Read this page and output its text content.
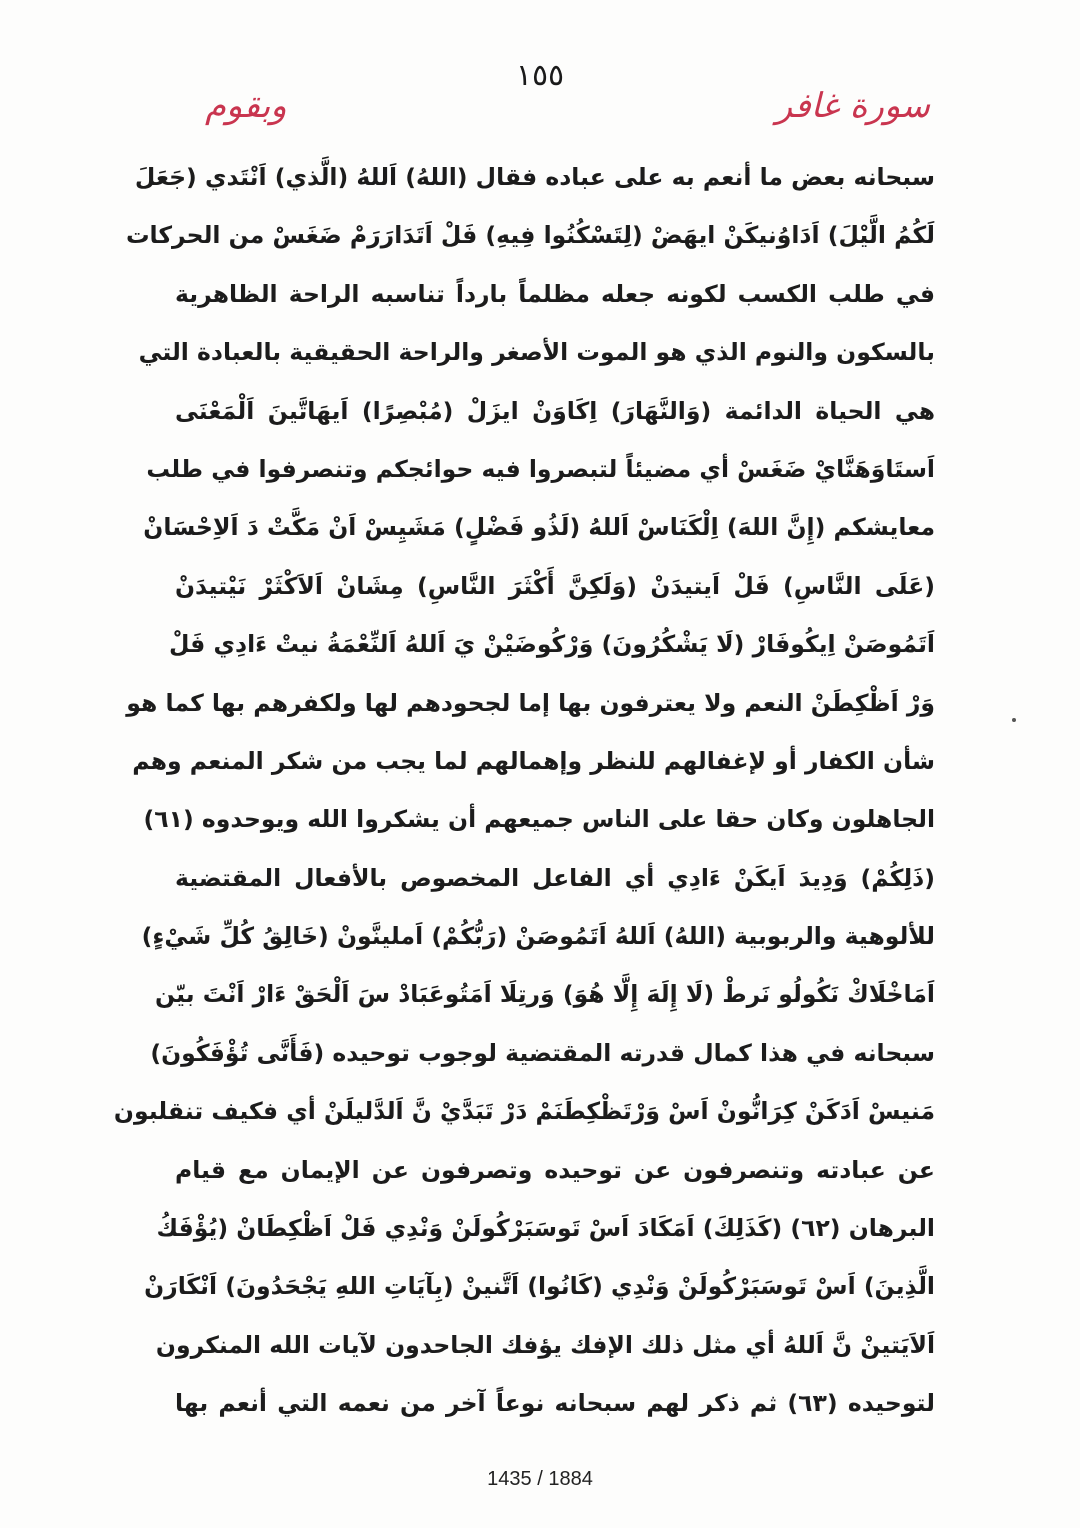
١٥٥
سورة غافر
وبقوم
سبحانه بعض ما أنعم به على عباده فقال (اللهُ) اَللهُ (الَّذي) اَنْتَدي (جَعَلَ
لَكُمُ الَّيْلَ) اَدَاوُنيكَنْ ايهَضْ (لِتَسْكُنُوا فِيهِ) فَلْ اَتَدَارَرَمْ ضَغَسْ من الحركات
في طلب الكسب لكونه جعله مظلماً بارداً تناسبه الراحة الظاهرية
بالسكون والنوم الذي هو الموت الأصغر والراحة الحقيقية بالعبادة التي
هي الحياة الدائمة (وَالنَّهَارَ) اِكَاوَنْ ايزَلْ (مُبْصِرًا) اَيهَاتَّينَ اَلْمَعْنَى
اَستَاوَهَنَّايْ ضَغَسْ أي مضيئاً لتبصروا فيه حوائجكم وتنصرفوا في طلب
معايشكم (إِنَّ اللهَ) اِلْكَنَاسْ اَللهُ (لَذُو فَضْلٍ) مَشَيِسْ اَنْ مَكَّتْ دَ اَلاِحْسَانْ
(عَلَى النَّاسِ) فَلْ اَيتيدَنْ (وَلَكِنَّ أَكْثَرَ النَّاسِ) مِشَانْ اَلاَكْثَرْ نَيْتيدَنْ
اَتَمُوصَنْ اِيكُوفَارْ (لَا يَشْكُرُونَ) وَرْكُوضَيْنْ يَ اَللهُ اَلنِّعْمَةُ نيتْ ءَادِي فَلْ
وَرْ اَظْكِطَنْ النعم ولا يعترفون بها إما لجحودهم لها ولكفرهم بها كما هو
شأن الكفار أو لإغفالهم للنظر وإهمالهم لما يجب من شكر المنعم وهم
الجاهلون وكان حقا على الناس جميعهم أن يشكروا الله ويوحدوه (٦١)
(ذَلِكُمْ) وَدِيدَ اَيكَنْ ءَادِي أي الفاعل المخصوص بالأفعال المقتضية
للألوهية والربوبية (اللهُ) اَللهُ اَتَمُوصَنْ (رَبُّكُمْ) اَملينَّونْ (خَالِقُ كُلِّ شَيْءٍ)
اَمَاخْلَاكْ نَكُولُو نَرطْ (لَا إِلَهَ إِلَّا هُوَ) وَرتِلَا اَمَتُوعَبَادْ سَ اَلْحَقْ ءَارْ اَنْتَ بيّن
سبحانه في هذا كمال قدرته المقتضية لوجوب توحيده (فَأَنَّى تُؤْفَكُونَ)
مَنيسْ اَدَكَنْ كِرَانُّونْ اَسْ وَرْتَظْكِطَنَمْ دَرْ تَبَدَّيْ نَّ اَلدَّليلَنْ أي فكيف تنقلبون
عن عبادته وتنصرفون عن توحيده وتصرفون عن الإيمان مع قيام
البرهان (٦٢) (كَذَلِكَ) اَمَكَادَ اَسْ تَوسَبَرْكُولَنْ وَنْدِي فَلْ اَظْكِطَانْ (يُؤْفَكُ
الَّذِينَ) اَسْ تَوسَبَرْكُولَنْ وَنْدِي (كَانُوا) اَتَّنينْ (بِآيَاتِ اللهِ يَجْحَدُونَ) اَنْكَارَنْ
اَلاَيَتينْ نَّ اَللهُ أي مثل ذلك الإفك يؤفك الجاحدون لآيات الله المنكرون
لتوحيده (٦٣) ثم ذكر لهم سبحانه نوعاً آخر من نعمه التي أنعم بها
1435 / 1884
